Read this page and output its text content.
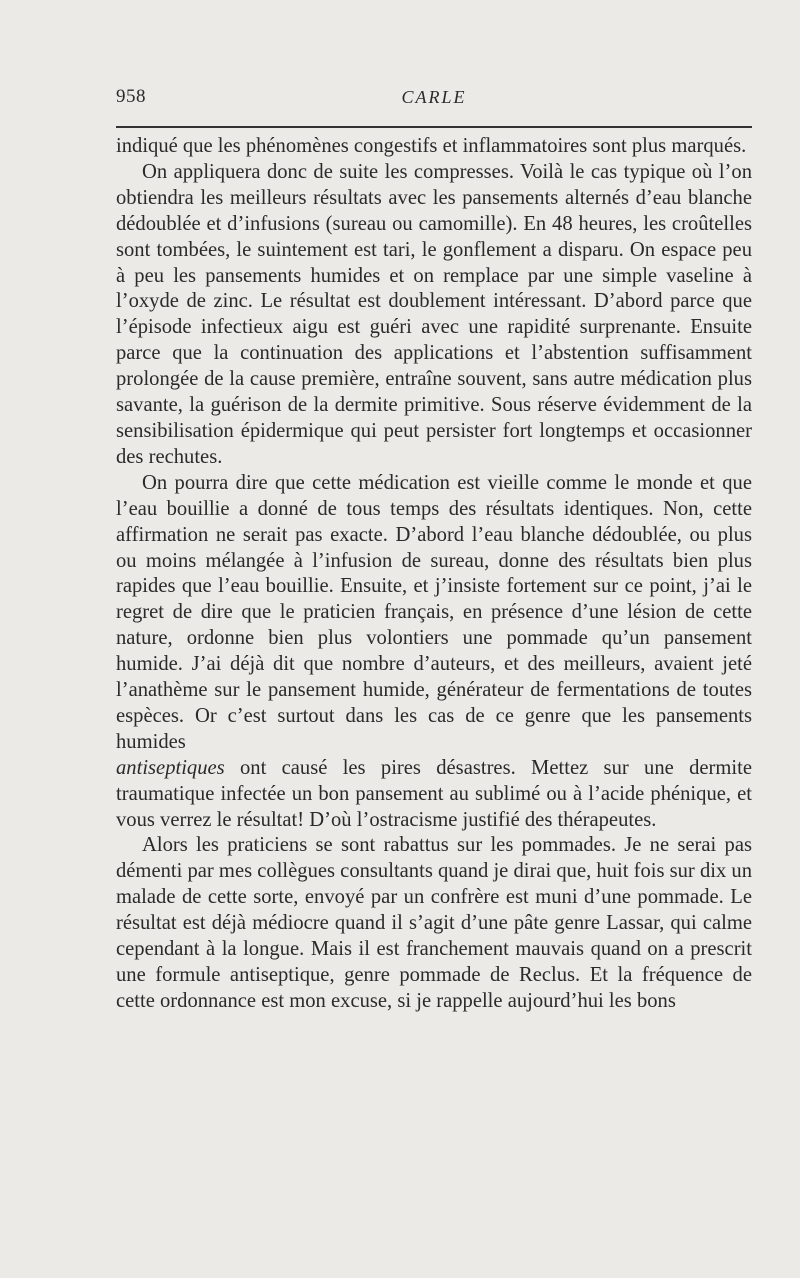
958	CARLE

indiqué que les phénomènes congestifs et inflammatoires sont plus marqués.

On appliquera donc de suite les compresses. Voilà le cas typique où l’on obtiendra les meilleurs résultats avec les pansements alternés d’eau blanche dédoublée et d’infusions (sureau ou camomille). En 48 heures, les croûtelles sont tombées, le suintement est tari, le gonflement a disparu. On espace peu à peu les pansements humides et on remplace par une simple vaseline à l’oxyde de zinc. Le résultat est doublement intéressant. D’abord parce que l’épisode infectieux aigu est guéri avec une rapidité surprenante. Ensuite parce que la continuation des applications et l’abstention suffisamment prolongée de la cause première, entraîne souvent, sans autre médication plus savante, la guérison de la dermite primitive. Sous réserve évidemment de la sensibilisation épidermique qui peut persister fort longtemps et occasionner des rechutes.

On pourra dire que cette médication est vieille comme le monde et que l’eau bouillie a donné de tous temps des résultats identiques. Non, cette affirmation ne serait pas exacte. D’abord l’eau blanche dédoublée, ou plus ou moins mélangée à l’infusion de sureau, donne des résultats bien plus rapides que l’eau bouillie. Ensuite, et j’insiste fortement sur ce point, j’ai le regret de dire que le praticien français, en présence d’une lésion de cette nature, ordonne bien plus volontiers une pommade qu’un pansement humide. J’ai déjà dit que nombre d’auteurs, et des meilleurs, avaient jeté l’anathème sur le pansement humide, générateur de fermentations de toutes espèces. Or c’est surtout dans les cas de ce genre que les pansements humides

antiseptiques ont causé les pires désastres. Mettez sur une dermite traumatique infectée un bon pansement au sublimé ou à l’acide phénique, et vous verrez le résultat! D’où l’ostracisme justifié des thérapeutes.

Alors les praticiens se sont rabattus sur les pommades. Je ne serai pas démenti par mes collègues consultants quand je dirai que, huit fois sur dix un malade de cette sorte, envoyé par un confrère est muni d’une pommade. Le résultat est déjà médiocre quand il s’agit d’une pâte genre Lassar, qui calme cependant à la longue. Mais il est franchement mauvais quand on a prescrit une formule antiseptique, genre pommade de Reclus. Et la fréquence de cette ordonnance est mon excuse, si je rappelle aujourd’hui les bons
